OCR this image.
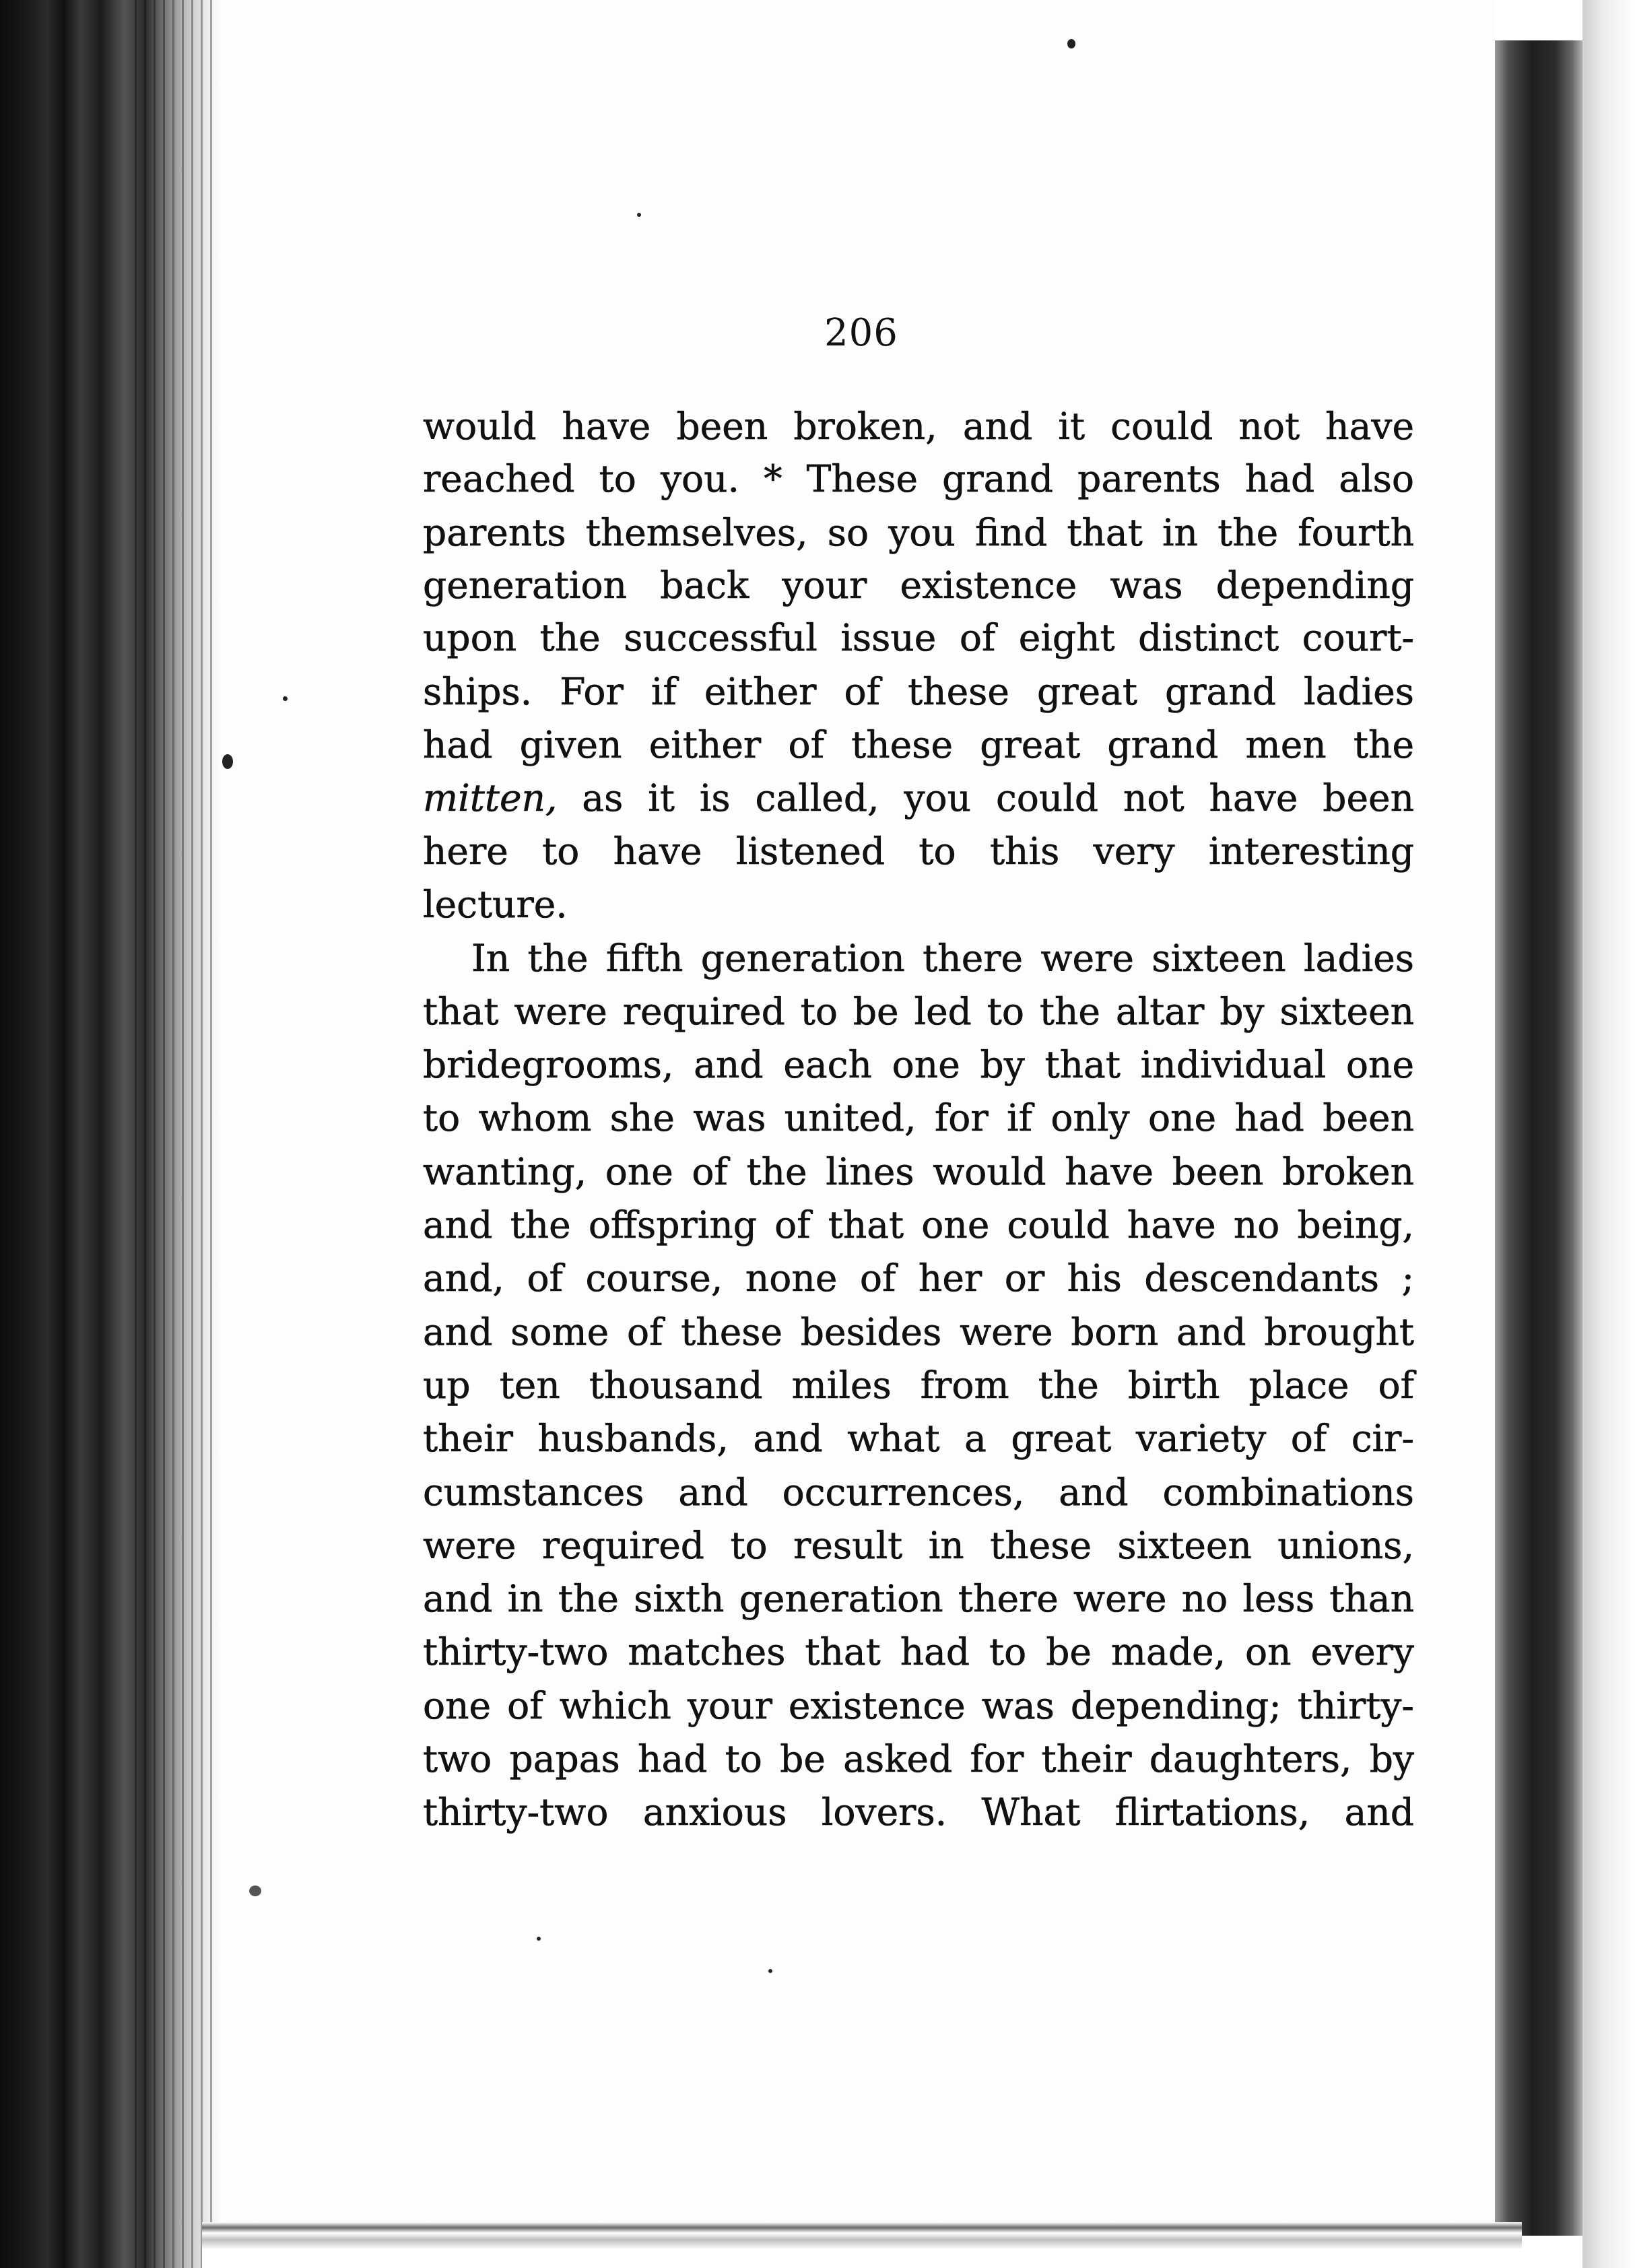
206
would have been broken, and it could not have
reached to you. * These grand parents had also
parents themselves, so you find that in the fourth
generation back your existence was depending
upon the successful issue of eight distinct court-
ships. For if either of these great grand ladies
had given either of these great grand men the
mitten, as it is called, you could not have been
here to have listened to this very interesting
lecture.
In the fifth generation there were sixteen ladies
that were required to be led to the altar by sixteen
bridegrooms, and each one by that individual one
to whom she was united, for if only one had been
wanting, one of the lines would have been broken
and the offspring of that one could have no being,
and, of course, none of her or his descendants ;
and some of these besides were born and brought
up ten thousand miles from the birth place of
their husbands, and what a great variety of cir-
cumstances and occurrences, and combinations
were required to result in these sixteen unions,
and in the sixth generation there were no less than
thirty-two matches that had to be made, on every
one of which your existence was depending; thirty-
two papas had to be asked for their daughters, by
thirty-two anxious lovers. What flirtations, and
